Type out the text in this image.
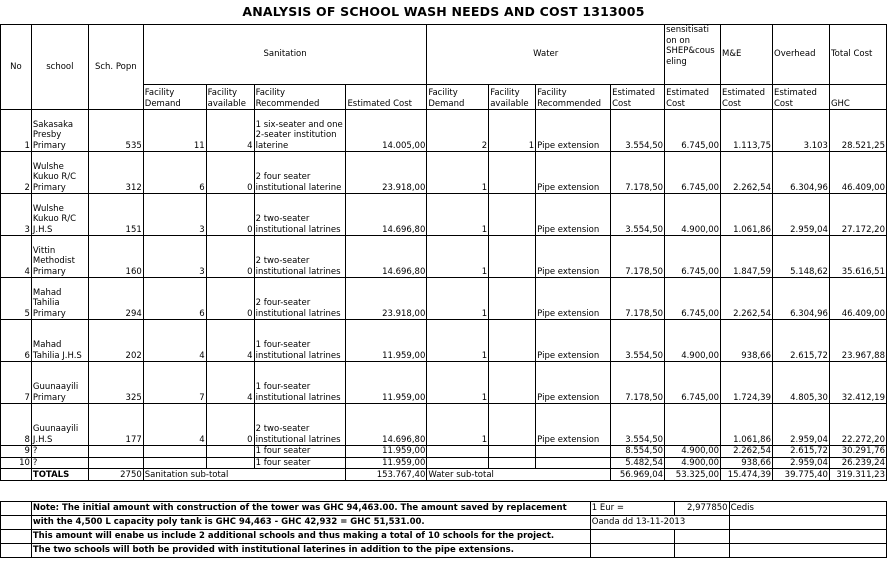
ANALYSIS OF SCHOOL WASH NEEDS AND COST 1313005
No	school	Sch. Popn	Sanitation				Water				sensitisati on on SHEP&cous eling	M&E	Overhead	Total Cost
			Facility Demand	Facility available	Facility Recommended	Estimated Cost	Facility Demand	Facility available	Facility Recommended	Estimated Cost	Estimated Cost	Estimated Cost	Estimated Cost	GHC
1	Sakasaka Presby Primary	535	11	4	1 six-seater and one 2-seater institution laterine	14.005,00	2	1	Pipe extension	3.554,50	6.745,00	1.113,75	3.103	28.521,25
2	Wulshe Kukuo R/C Primary	312	6	0	2 four seater institutional laterine	23.918,00	1		Pipe extension	7.178,50	6.745,00	2.262,54	6.304,96	46.409,00
3	Wulshe Kukuo R/C J.H.S	151	3	0	2 two-seater institutional latrines	14.696,80	1		Pipe extension	3.554,50	4.900,00	1.061,86	2.959,04	27.172,20
4	Vittin Methodist Primary	160	3	0	2 two-seater institutional latrines	14.696,80	1		Pipe extension	7.178,50	6.745,00	1.847,59	5.148,62	35.616,51
5	Mahad Tahilia Primary	294	6	0	2 four-seater institutional latrines	23.918,00	1		Pipe extension	7.178,50	6.745,00	2.262,54	6.304,96	46.409,00
6	Mahad Tahilia J.H.S	202	4	4	1 four-seater institutional latrines	11.959,00	1		Pipe extension	3.554,50	4.900,00	938,66	2.615,72	23.967,88
7	Guunaayili Primary	325	7	4	1 four-seater institutional latrines	11.959,00	1		Pipe extension	7.178,50	6.745,00	1.724,39	4.805,30	32.412,19
8	Guunaayili J.H.S	177	4	0	2 two-seater institutional latrines	14.696,80	1		Pipe extension	3.554,50		1.061,86	2.959,04	22.272,20
9	?				1 four seater	11.959,00				8.554,50	4.900,00	2.262,54	2.615,72	30.291,76
10	?				1 four seater	11.959,00				5.482,54	4.900,00	938,66	2.959,04	26.239,24
	TOTALS	2750	Sanitation sub-total			153.767,40	Water sub-total			56.969,04	53.325,00	15.474,39	39.775,40	319.311,23
	Note: The initial amount with construction of the tower was GHC 94,463.00. The amount saved by replacement	1 Eur =	2,977850	Cedis
	with the 4,500 L capacity poly tank is GHC 94,463 - GHC 42,932 = GHC 51,531.00.	Oanda dd 13-11-2013		
	This amount will enabe us include 2 additional schools and thus making a total of 10 schools for the project.			
	The two schools will both be provided with institutional laterines in addition to the pipe extensions.			
